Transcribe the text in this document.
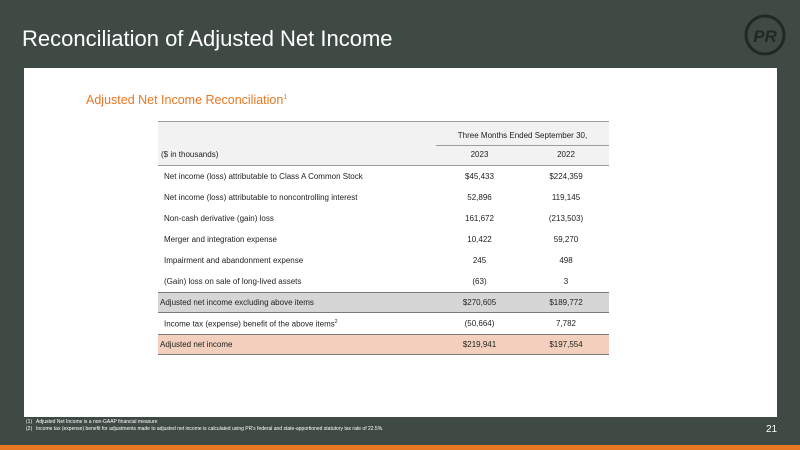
Reconciliation of Adjusted Net Income	PR
Adjusted Net Income Reconciliation$^1$
Three Months Ended September 30,
($ in thousands)	2023	2022
Net income (loss) attributable to Class A Common Stock	$45,433	$224,359
Net income (loss) attributable to noncontrolling interest	52,896	119,145
Non-cash derivative (gain) loss	161,672	(213,503)
Merger and integration expense	10,422	59,270
Impairment and abandonment expense	245	498
(Gain) loss on sale of long-lived assets	(63)	3
Adjusted net income excluding above items	$270,605	$189,772
Income tax (expense) benefit of the above items$^2$	(50,664)	7,782
Adjusted net income	$219,941	$197,554
(1) Adjusted Net Income is a non-GAAP financial measure
(2) Income tax (expense) benefit for adjustments made to adjusted net income is calculated using PR's federal and state-apportioned statutory tax rate of 22.5%.	21
